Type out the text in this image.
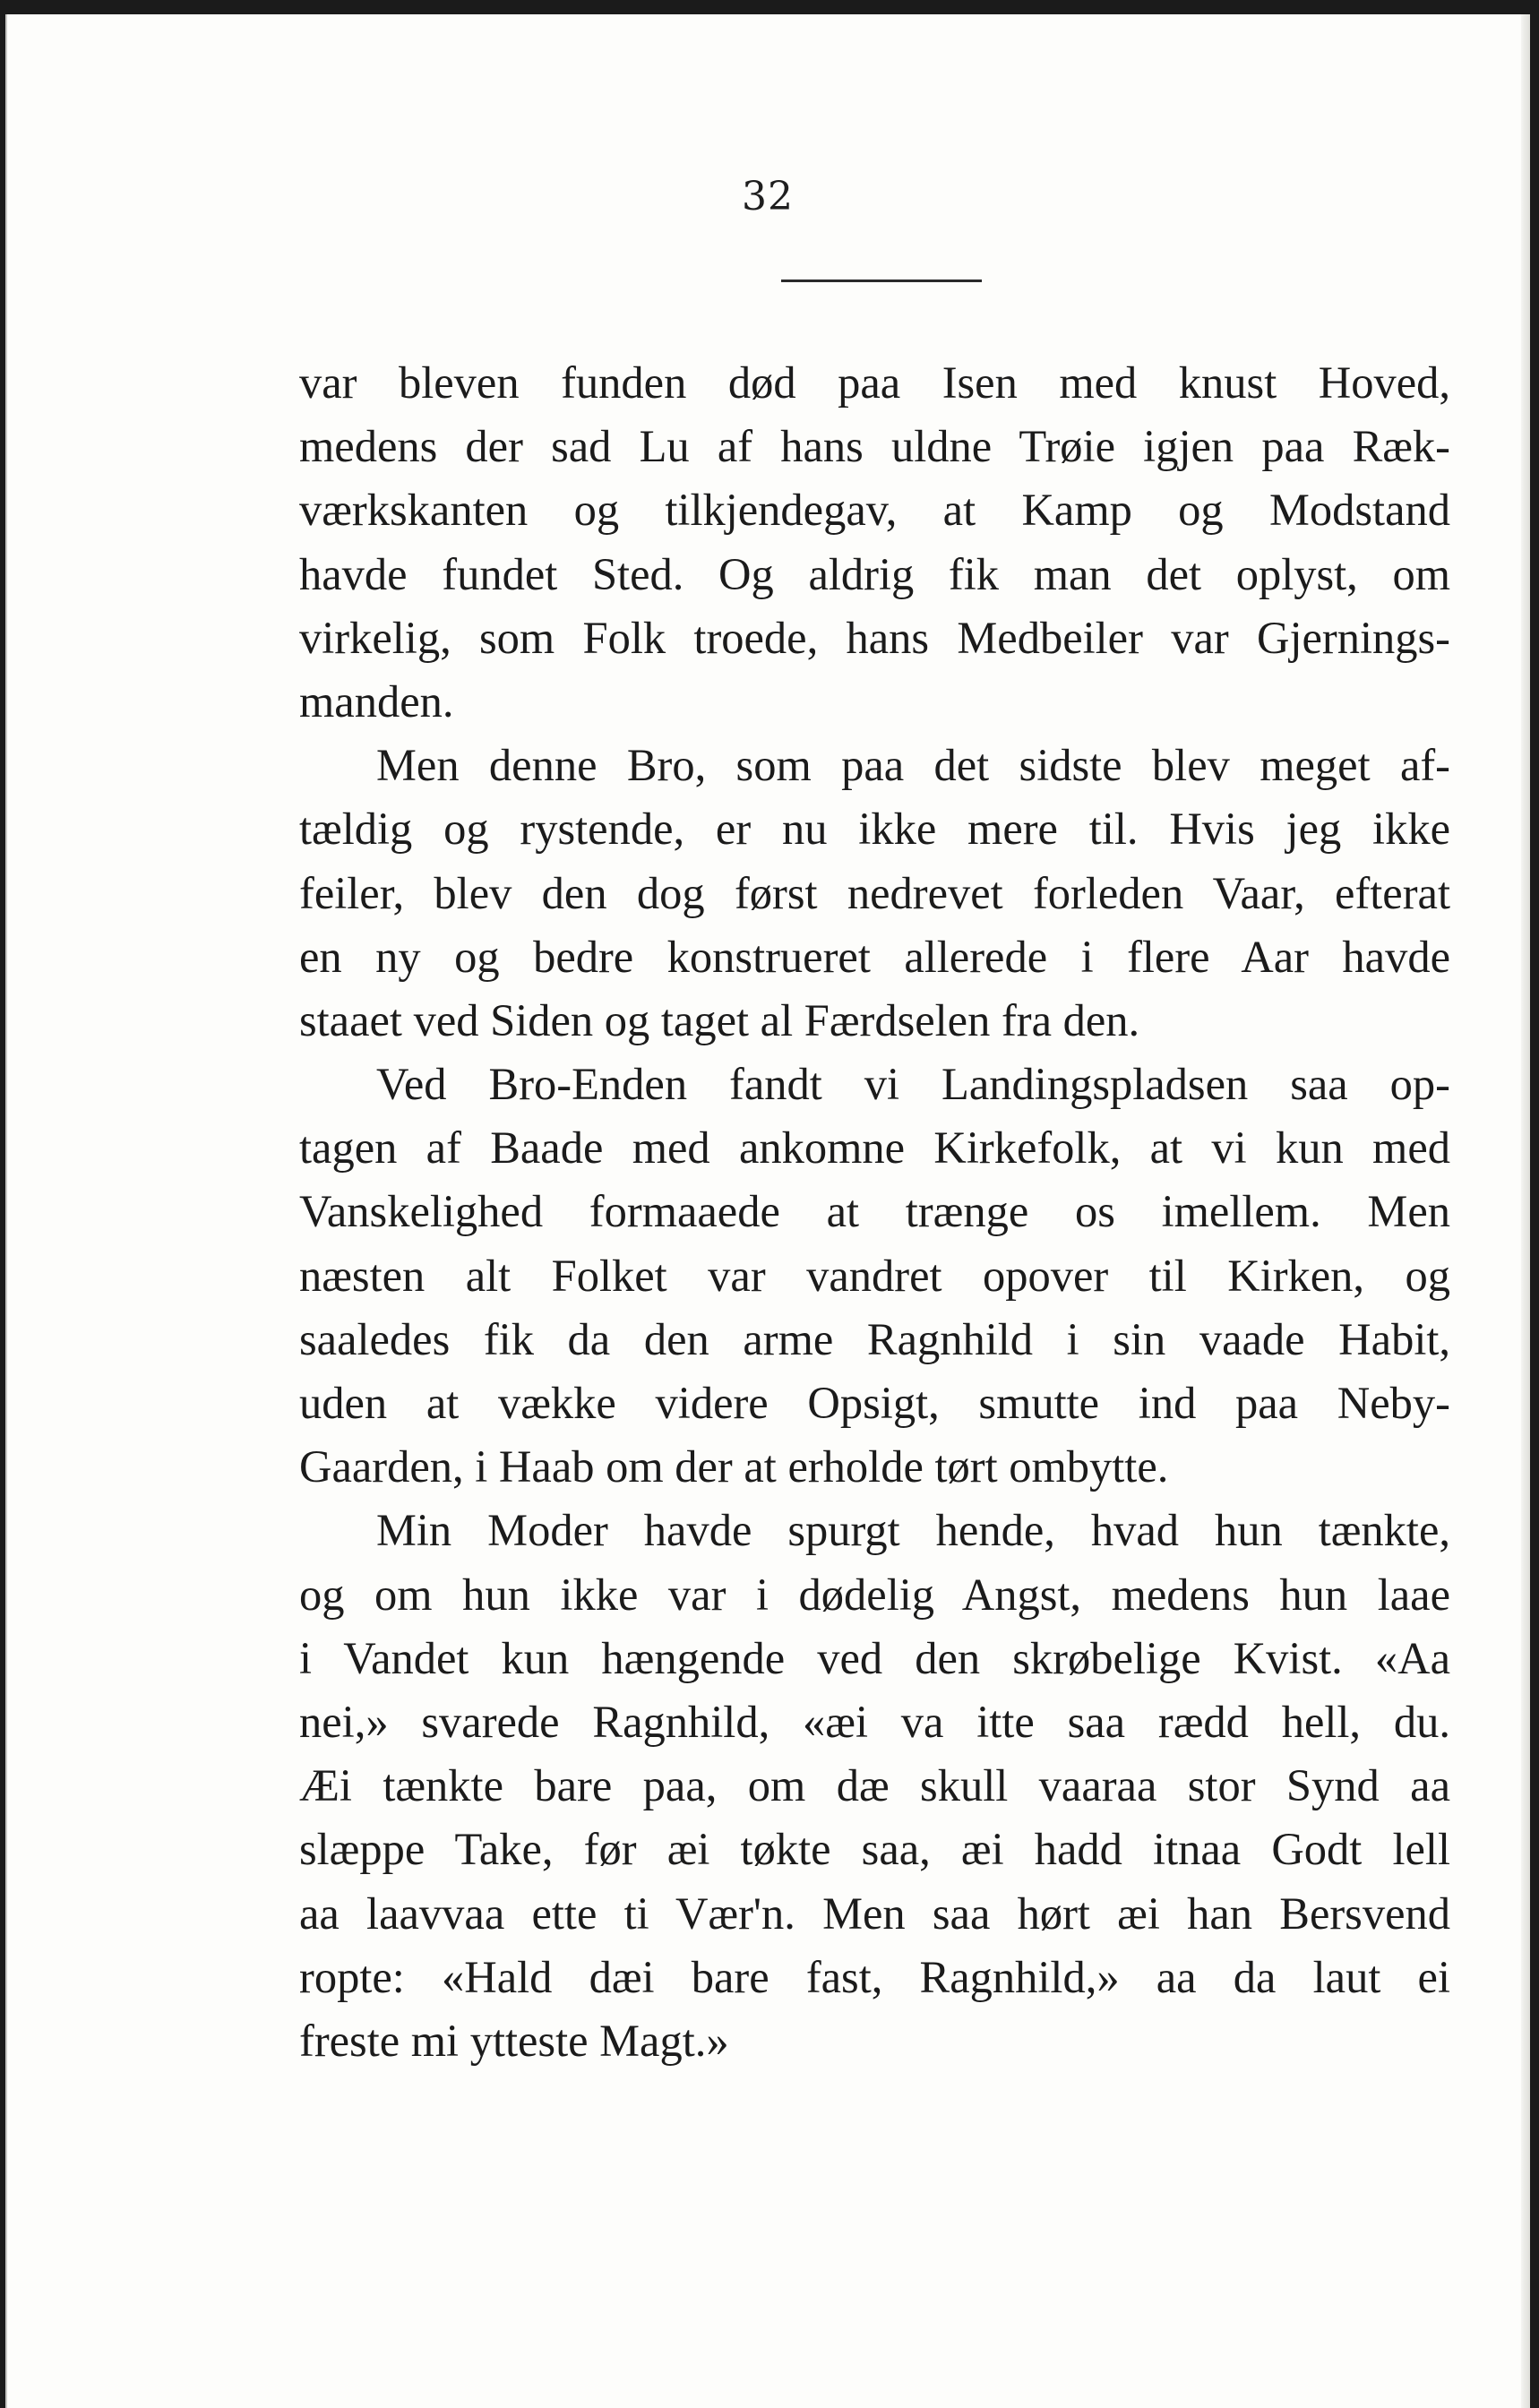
32
var bleven funden død paa Isen med knust Hoved,
medens der sad Lu af hans uldne Trøie igjen paa Ræk-
værkskanten og tilkjendegav, at Kamp og Modstand
havde fundet Sted. Og aldrig fik man det oplyst, om
virkelig, som Folk troede, hans Medbeiler var Gjernings-
manden.
Men denne Bro, som paa det sidste blev meget af-
tældig og rystende, er nu ikke mere til. Hvis jeg ikke
feiler, blev den dog først nedrevet forleden Vaar, efterat
en ny og bedre konstrueret allerede i flere Aar havde
staaet ved Siden og taget al Færdselen fra den.
Ved Bro-Enden fandt vi Landingspladsen saa op-
tagen af Baade med ankomne Kirkefolk, at vi kun med
Vanskelighed formaaede at trænge os imellem. Men
næsten alt Folket var vandret opover til Kirken, og
saaledes fik da den arme Ragnhild i sin vaade Habit,
uden at vække videre Opsigt, smutte ind paa Neby-
Gaarden, i Haab om der at erholde tørt ombytte.
Min Moder havde spurgt hende, hvad hun tænkte,
og om hun ikke var i dødelig Angst, medens hun laae
i Vandet kun hængende ved den skrøbelige Kvist. «Aa
nei,» svarede Ragnhild, «æi va itte saa rædd hell, du.
Æi tænkte bare paa, om dæ skull vaaraa stor Synd aa
slæppe Take, før æi tøkte saa, æi hadd itnaa Godt lell
aa laavvaa ette ti Vær'n. Men saa hørt æi han Bersvend
ropte: «Hald dæi bare fast, Ragnhild,» aa da laut ei
freste mi ytteste Magt.»
